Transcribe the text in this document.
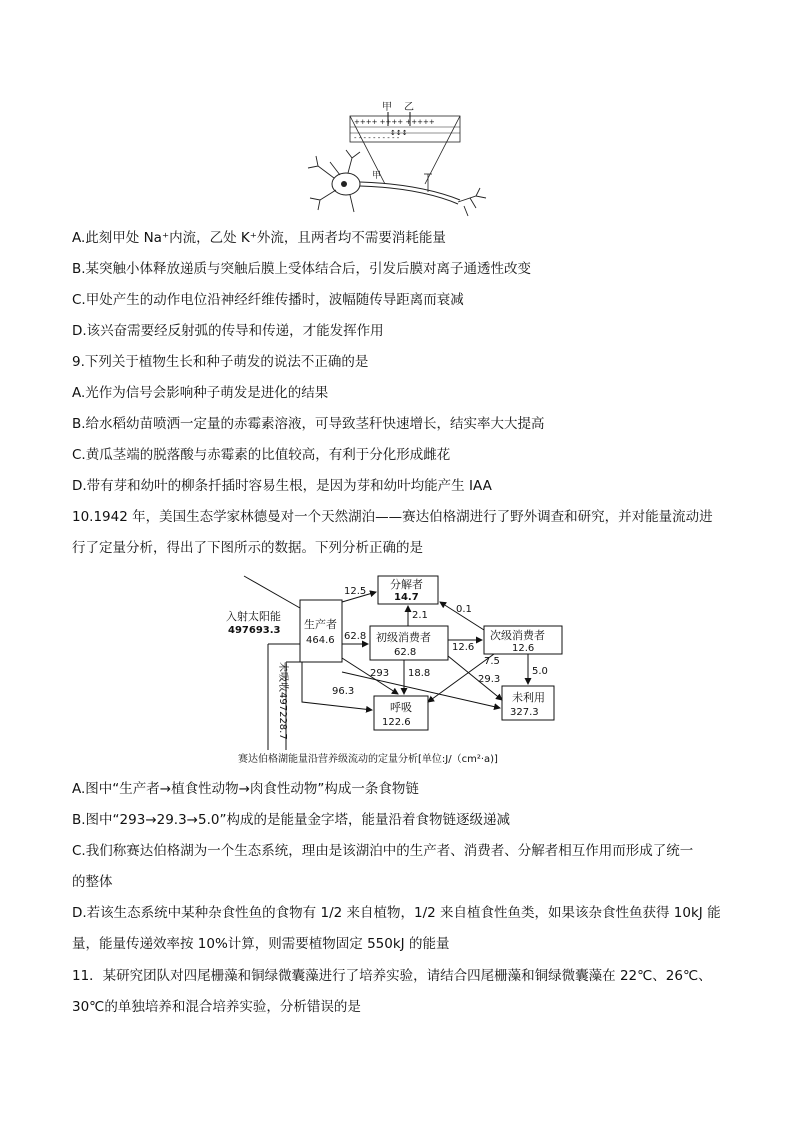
甲 乙
++++ ++++ +++++
↕↕↕
- - - - - - - - - -
甲
A.此刻甲处 Na⁺内流，乙处 K⁺外流，且两者均不需要消耗能量
B.某突触小体释放递质与突触后膜上受体结合后，引发后膜对离子通透性改变
C.甲处产生的动作电位沿神经纤维传播时，波幅随传导距离而衰减
D.该兴奋需要经反射弧的传导和传递，才能发挥作用
9.下列关于植物生长和种子萌发的说法不正确的是
A.光作为信号会影响种子萌发是进化的结果
B.给水稻幼苗喷洒一定量的赤霉素溶液，可导致茎秆快速增长，结实率大大提高
C.黄瓜茎端的脱落酸与赤霉素的比值较高，有利于分化形成雌花
D.带有芽和幼叶的柳条扦插时容易生根，是因为芽和幼叶均能产生 IAA
10.1942 年，美国生态学家林德曼对一个天然湖泊——赛达伯格湖进行了野外调查和研究，并对能量流动进
行了定量分析，得出了下图所示的数据。下列分析正确的是
入射太阳能
497693.3
未吸收497228.7
生产者
464.6
分解者
14.7
初级消费者
62.8
次级消费者
12.6
呼吸
122.6
未利用
327.3
12.5
62.8
2.1
0.1
12.6
18.8
293
96.3
7.5
29.3
5.0
赛达伯格湖能量沿营养级流动的定量分析[单位:J/（cm²·a)]
A.图中“生产者→植食性动物→肉食性动物”构成一条食物链
B.图中“293→29.3→5.0”构成的是能量金字塔，能量沿着食物链逐级递减
C.我们称赛达伯格湖为一个生态系统，理由是该湖泊中的生产者、消费者、分解者相互作用而形成了统一
的整体
D.若该生态系统中某种杂食性鱼的食物有 1/2 来自植物，1/2 来自植食性鱼类，如果该杂食性鱼获得 10kJ 能
量，能量传递效率按 10%计算，则需要植物固定 550kJ 的能量
11．某研究团队对四尾栅藻和铜绿微囊藻进行了培养实验，请结合四尾栅藻和铜绿微囊藻在 22℃、26℃、
30℃的单独培养和混合培养实验，分析错误的是
